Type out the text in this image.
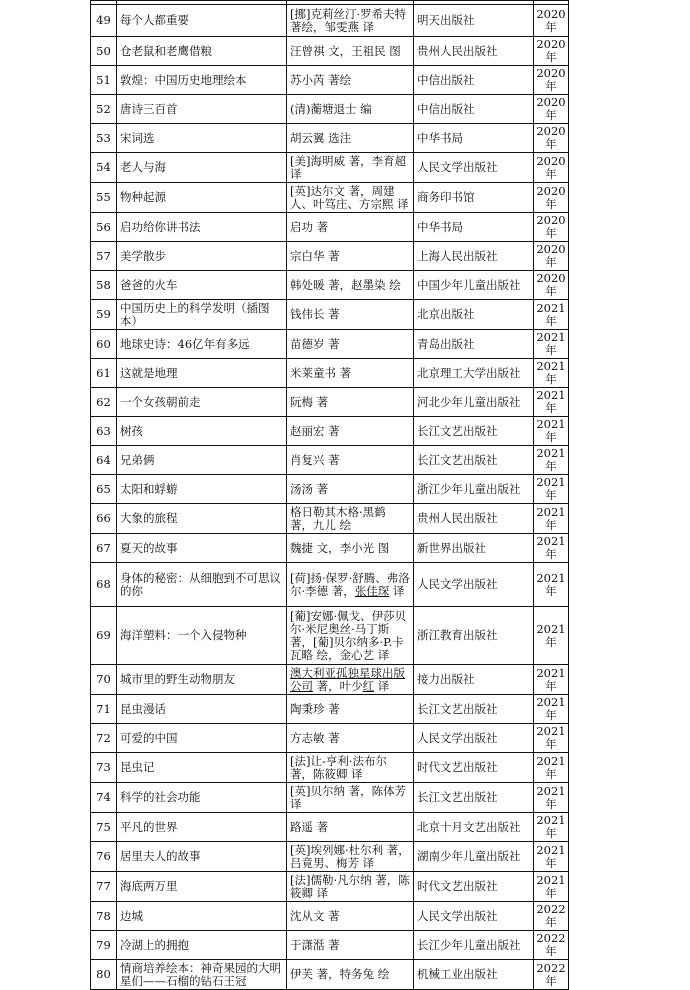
49	每个人都重要	[挪]克莉丝汀·罗希夫特著绘，邹雯燕 译	明天出版社	2020年
50	仓老鼠和老鹰借粮	汪曾祺 文，王祖民 图	贵州人民出版社	2020年
51	敦煌：中国历史地理绘本	苏小芮 著绘	中信出版社	2020年
52	唐诗三百首	(清)蘅塘退士 编	中信出版社	2020年
53	宋词选	胡云翼 选注	中华书局	2020年
54	老人与海	[美]海明威 著，李育超 译	人民文学出版社	2020年
55	物种起源	[英]达尔文 著，周建人、叶笃庄、方宗熙 译	商务印书馆	2020年
56	启功给你讲书法	启功 著	中华书局	2020年
57	美学散步	宗白华 著	上海人民出版社	2020年
58	爸爸的火车	韩处暖 著，赵墨染 绘	中国少年儿童出版社	2020年
59	中国历史上的科学发明（插图本）	钱伟长 著	北京出版社	2021年
60	地球史诗：46亿年有多远	苗德岁 著	青岛出版社	2021年
61	这就是地理	米莱童书 著	北京理工大学出版社	2021年
62	一个女孩朝前走	阮梅 著	河北少年儿童出版社	2021年
63	树孩	赵丽宏 著	长江文艺出版社	2021年
64	兄弟俩	肖复兴 著	长江文艺出版社	2021年
65	太阳和蜉蝣	汤汤 著	浙江少年儿童出版社	2021年
66	大象的旅程	格日勒其木格·黑鹤 著，九儿 绘	贵州人民出版社	2021年
67	夏天的故事	魏捷 文，李小光 图	新世界出版社	2021年
68	身体的秘密：从细胞到不可思议的你	[荷]扬·保罗·舒腾、弗洛尔·李德 著，张佳琛 译	人民文学出版社	2021年
69	海洋塑料：一个入侵物种	[葡]安娜·佩戈、伊莎贝尔·米尼奥丝·马丁斯 著，[葡]贝尔纳多·P.卡瓦略 绘，金心艺 译	浙江教育出版社	2021年
70	城市里的野生动物朋友	澳大利亚孤独星球出版公司 著，叶少红 译	接力出版社	2021年
71	昆虫漫话	陶秉珍 著	长江文艺出版社	2021年
72	可爱的中国	方志敏 著	人民文学出版社	2021年
73	昆虫记	[法]让-亨利·法布尔 著，陈筱卿 译	时代文艺出版社	2021年
74	科学的社会功能	[英]贝尔纳 著，陈体芳 译	长江文艺出版社	2021年
75	平凡的世界	路遥 著	北京十月文艺出版社	2021年
76	居里夫人的故事	[英]埃列娜·杜尔利 著，吕竟男、梅芳 译	湖南少年儿童出版社	2021年
77	海底两万里	[法]儒勒·凡尔纳 著，陈筱卿 译	时代文艺出版社	2021年
78	边城	沈从文 著	人民文学出版社	2022年
79	冷湖上的拥抱	于潇湉 著	长江少年儿童出版社	2022年
80	情商培养绘本：神奇果园的大明星们——石榴的钻石王冠	伊芙 著，特务兔 绘	机械工业出版社	2022年
